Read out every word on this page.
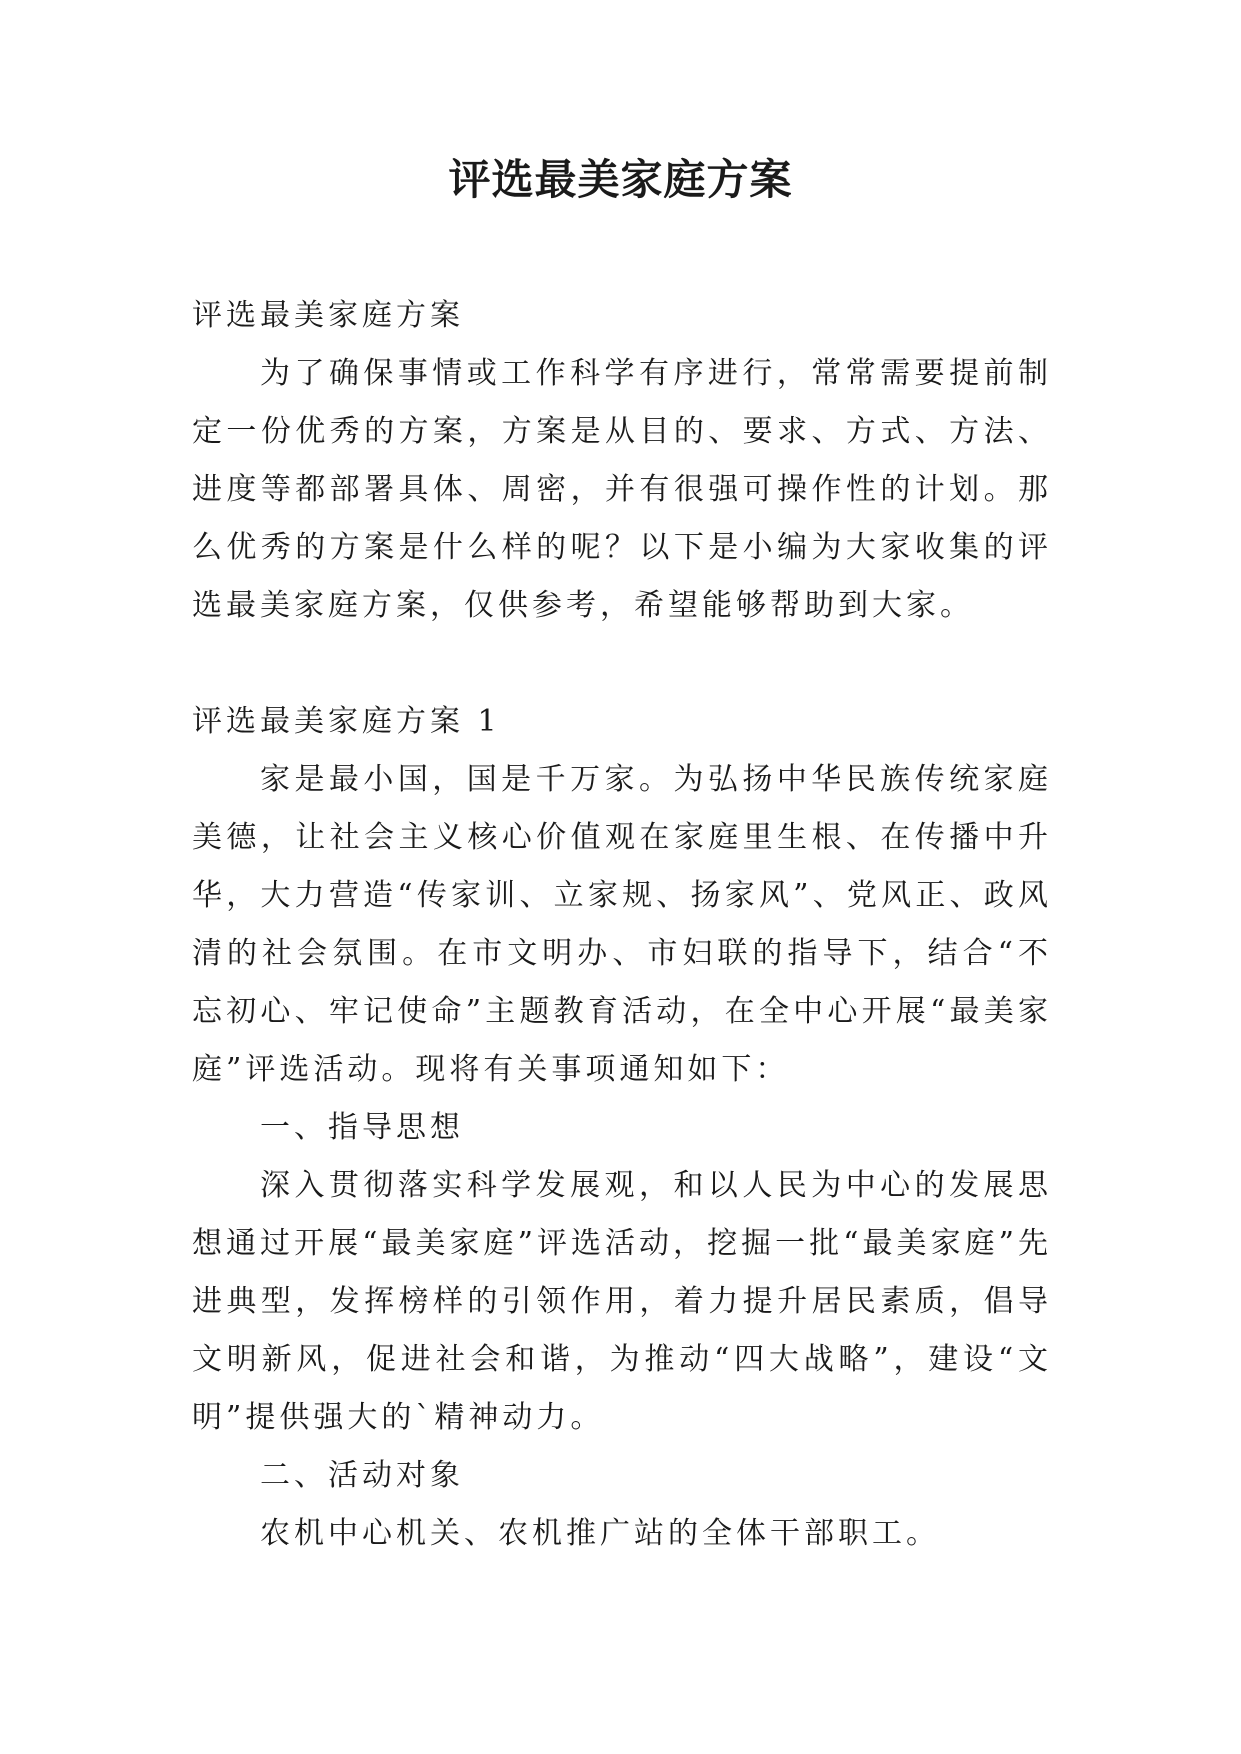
评选最美家庭方案

评选最美家庭方案

为了确保事情或工作科学有序进行，常常需要提前制定一份优秀的方案，方案是从目的、要求、方式、方法、进度等都部署具体、周密，并有很强可操作性的计划。那么优秀的方案是什么样的呢？以下是小编为大家收集的评选最美家庭方案，仅供参考，希望能够帮助到大家。

评选最美家庭方案 1

家是最小国，国是千万家。为弘扬中华民族传统家庭美德，让社会主义核心价值观在家庭里生根、在传播中升华，大力营造“传家训、立家规、扬家风”、党风正、政风清的社会氛围。在市文明办、市妇联的指导下，结合“不忘初心、牢记使命”主题教育活动，在全中心开展“最美家庭”评选活动。现将有关事项通知如下：

一、指导思想

深入贯彻落实科学发展观，和以人民为中心的发展思想通过开展“最美家庭”评选活动，挖掘一批“最美家庭”先进典型，发挥榜样的引领作用，着力提升居民素质，倡导文明新风，促进社会和谐，为推动“四大战略”，建设“文明”提供强大的`精神动力。

二、活动对象

农机中心机关、农机推广站的全体干部职工。
